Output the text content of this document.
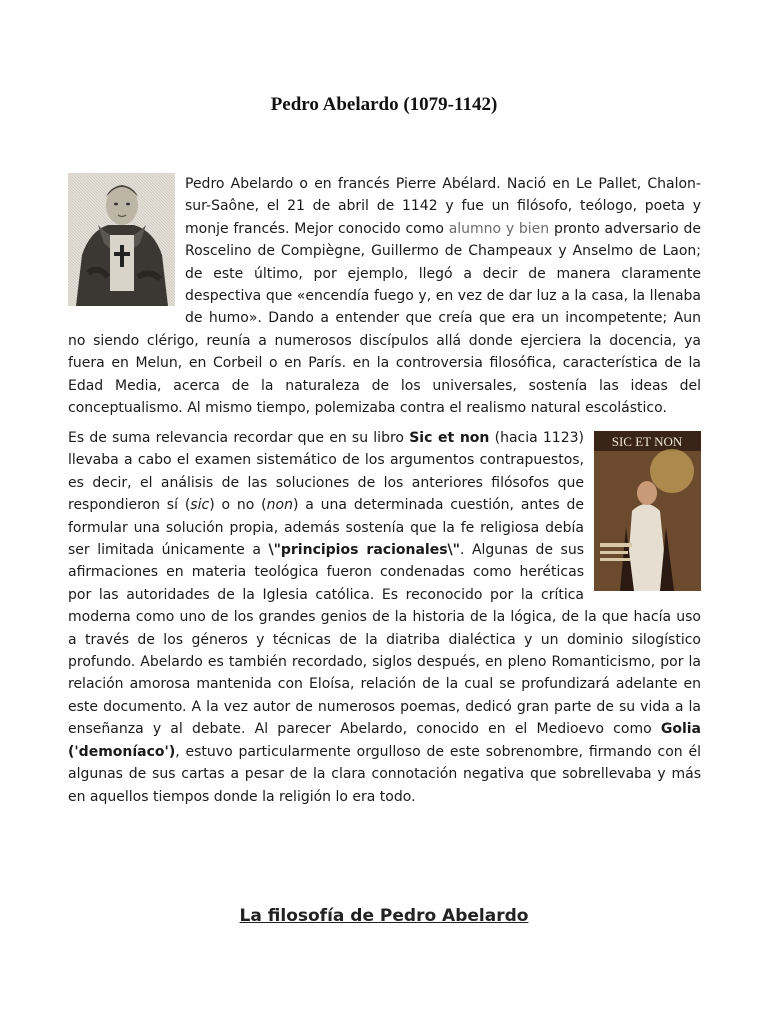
Pedro Abelardo (1079-1142)

Pedro Abelardo o en francés Pierre Abélard. Nació en Le Pallet, Chalon-sur-Saône, el 21 de abril de 1142 y fue un filósofo, teólogo, poeta y monje francés. Mejor conocido como alumno y bien pronto adversario de Roscelino de Compiègne, Guillermo de Champeaux y Anselmo de Laon; de este último, por ejemplo, llegó a decir de manera claramente despectiva que «encendía fuego y, en vez de dar luz a la casa, la llenaba de humo». Dando a entender que creía que era un incompetente; Aun no siendo clérigo, reunía a numerosos discípulos allá donde ejerciera la docencia, ya fuera en Melun, en Corbeil o en París. en la controversia filosófica, característica de la Edad Media, acerca de la naturaleza de los universales, sostenía las ideas del conceptualismo. Al mismo tiempo, polemizaba contra el realismo natural escolástico.

SIC ET NON
Es de suma relevancia recordar que en su libro Sic et non (hacia 1123) llevaba a cabo el examen sistemático de los argumentos contrapuestos, es decir, el análisis de las soluciones de los anteriores filósofos que respondieron sí (sic) o no (non) a una determinada cuestión, antes de formular una solución propia, además sostenía que la fe religiosa debía ser limitada únicamente a \"principios racionales\". Algunas de sus afirmaciones en materia teológica fueron condenadas como heréticas por las autoridades de la Iglesia católica. Es reconocido por la crítica moderna como uno de los grandes genios de la historia de la lógica, de la que hacía uso a través de los géneros y técnicas de la diatriba dialéctica y un dominio silogístico profundo. Abelardo es también recordado, siglos después, en pleno Romanticismo, por la relación amorosa mantenida con Eloísa, relación de la cual se profundizará adelante en este documento. A la vez autor de numerosos poemas, dedicó gran parte de su vida a la enseñanza y al debate. Al parecer Abelardo, conocido en el Medioevo como Golia ('demoníaco'), estuvo particularmente orgulloso de este sobrenombre, firmando con él algunas de sus cartas a pesar de la clara connotación negativa que sobrellevaba y más en aquellos tiempos donde la religión lo era todo.

La filosofía de Pedro Abelardo
